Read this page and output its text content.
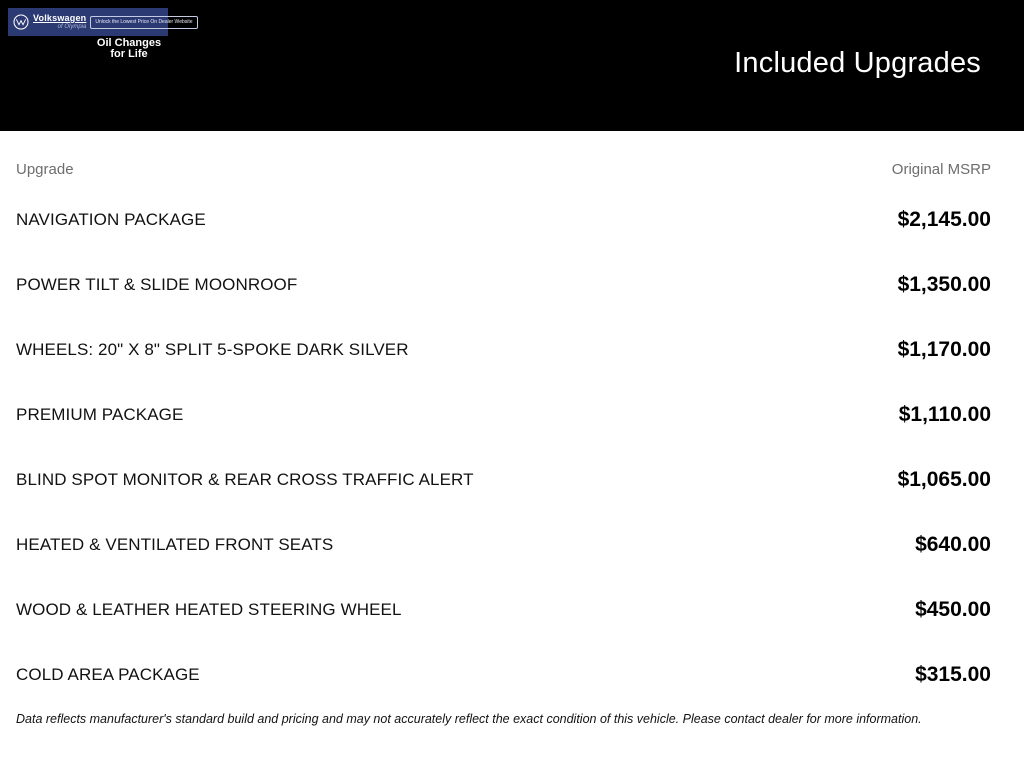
Volkswagen
of Olympia
Unlock the Lowest Price On Dealer Website
Oil Changes
for Life	Included Upgrades
Upgrade	Original MSRP
NAVIGATION PACKAGE	$2,145.00
POWER TILT & SLIDE MOONROOF	$1,350.00
WHEELS: 20" X 8" SPLIT 5-SPOKE DARK SILVER	$1,170.00
PREMIUM PACKAGE	$1,110.00
BLIND SPOT MONITOR & REAR CROSS TRAFFIC ALERT	$1,065.00
HEATED & VENTILATED FRONT SEATS	$640.00
WOOD & LEATHER HEATED STEERING WHEEL	$450.00
COLD AREA PACKAGE	$315.00

Data reflects manufacturer's standard build and pricing and may not accurately reflect the exact condition of this vehicle. Please contact dealer for more information.
